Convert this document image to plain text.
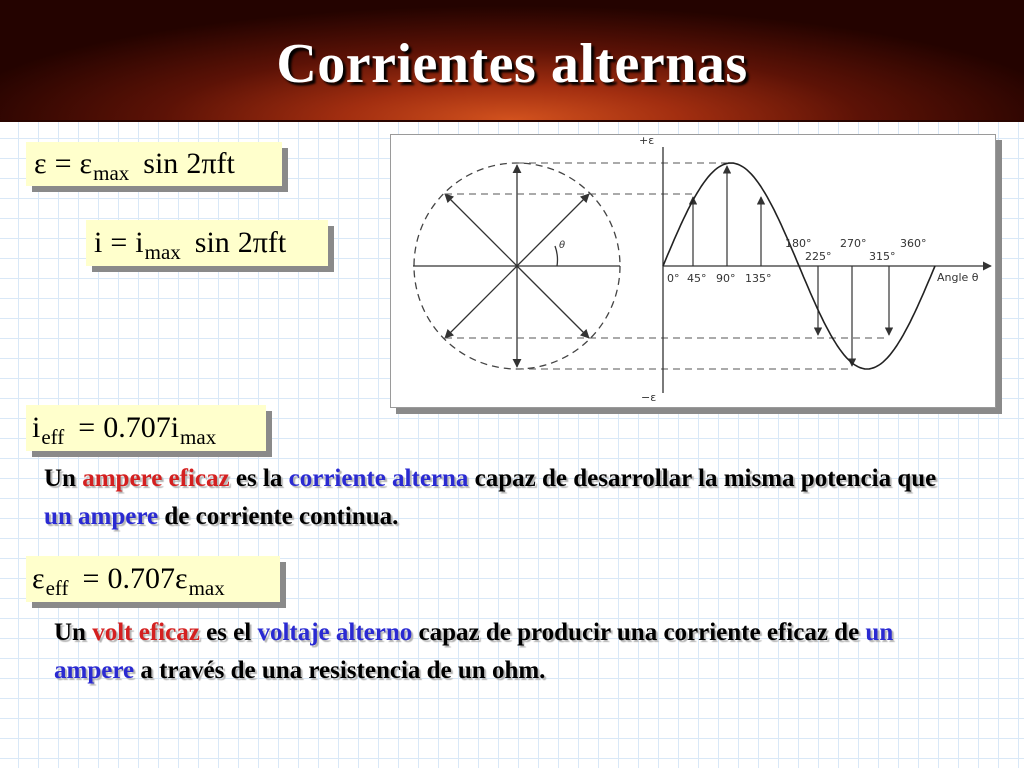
Corrientes alternas
ε = ε max sin 2πft
i = i max sin 2πft	θ
+ε
−ε
Angle θ
0° 45° 90° 135°
180°
225°
270°
315°
360°
i eff = 0.707i max
Un ampere eficaz es la corriente alterna capaz de desarrollar la misma potencia que un ampere de corriente continua.
ε eff = 0.707ε max
Un volt eficaz es el voltaje alterno capaz de producir una corriente eficaz de un ampere a través de una resistencia de un ohm.
